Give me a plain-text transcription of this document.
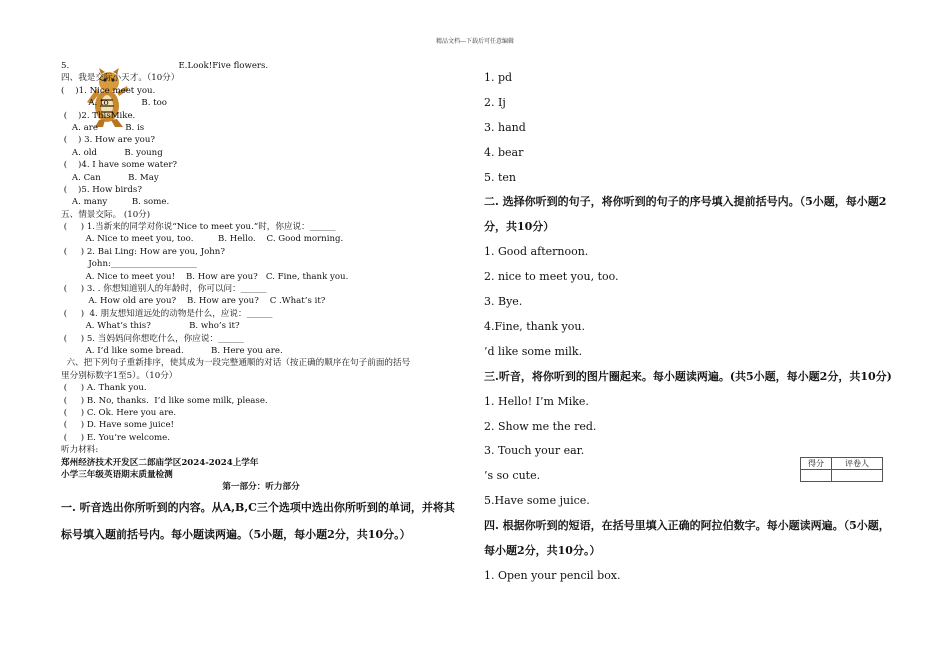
精品文档---下载后可任意编辑
5.                                        E.Look!Five flowers.
四、我是交际小天才。（10分）
(    )1. Nice meet you.
A. to            B. too
(    )2. ThisMike.
A. are          B. is
(    ) 3. How are you?
A. old          B. young
(    )4. I have some water?
A. Can          B. May
(    )5. How birds?
A. many         B. some.
五、情景交际。 (10分)
(     ) 1.当新来的同学对你说“Nice to meet you.”时，你应说：______
A. Nice to meet you, too.         B. Hello.    C. Good morning.
(     ) 2. Bai Ling: How are you, John?
John:____________________
A. Nice to meet you!    B. How are you?   C. Fine, thank you.
(     ) 3. . 你想知道别人的年龄时，你可以问：______
A. How old are you?    B. How are you?    C .What’s it?
(     )  4. 朋友想知道远处的动物是什么，应说：______
A. What’s this?              B. who’s it?
(     ) 5. 当妈妈问你想吃什么，你应说：______
A. I’d like some bread.          B. Here you are.
六、把下列句子重新排序，使其成为一段完整通顺的对话（按正确的顺序在句子前面的括号
里分别标数字1至5）。（10分）
(     ) A. Thank you.
(     ) B. No, thanks.  I’d like some milk, please.
(     ) C. Ok. Here you are.
(     ) D. Have some juice!
(     ) E. You’re welcome.
听力材料:
郑州经济技术开发区二郎庙学区2024-2024上学年
小学三年级英语期末质量检测
第一部分：听力部分
一. 听音选出你所听到的内容。从A,B,C三个选项中选出你所听到的单词，并将其
标号填入题前括号内。每小题读两遍。（5小题，每小题2分，共10分。）
1. pd
2. Ij
3. hand
4. bear
5. ten
二. 选择你听到的句子，将你听到的句子的序号填入提前括号内。（5小题，每小题2分，共10分）
1. Good afternoon.
2. nice to meet you, too.
3. Bye.
4.Fine, thank you.
’d like some milk.
三.听音，将你听到的图片圈起来。每小题读两遍。(共5小题，每小题2分，共10分)
1. Hello! I’m Mike.
2. Show me the red.
3. Touch your ear.
’s so cute.
5.Have some juice.
四. 根据你听到的短语，在括号里填入正确的阿拉伯数字。每小题读两遍。（5小题，每小题2分，共10分。）
1. Open your pencil box.
得分	评卷人
